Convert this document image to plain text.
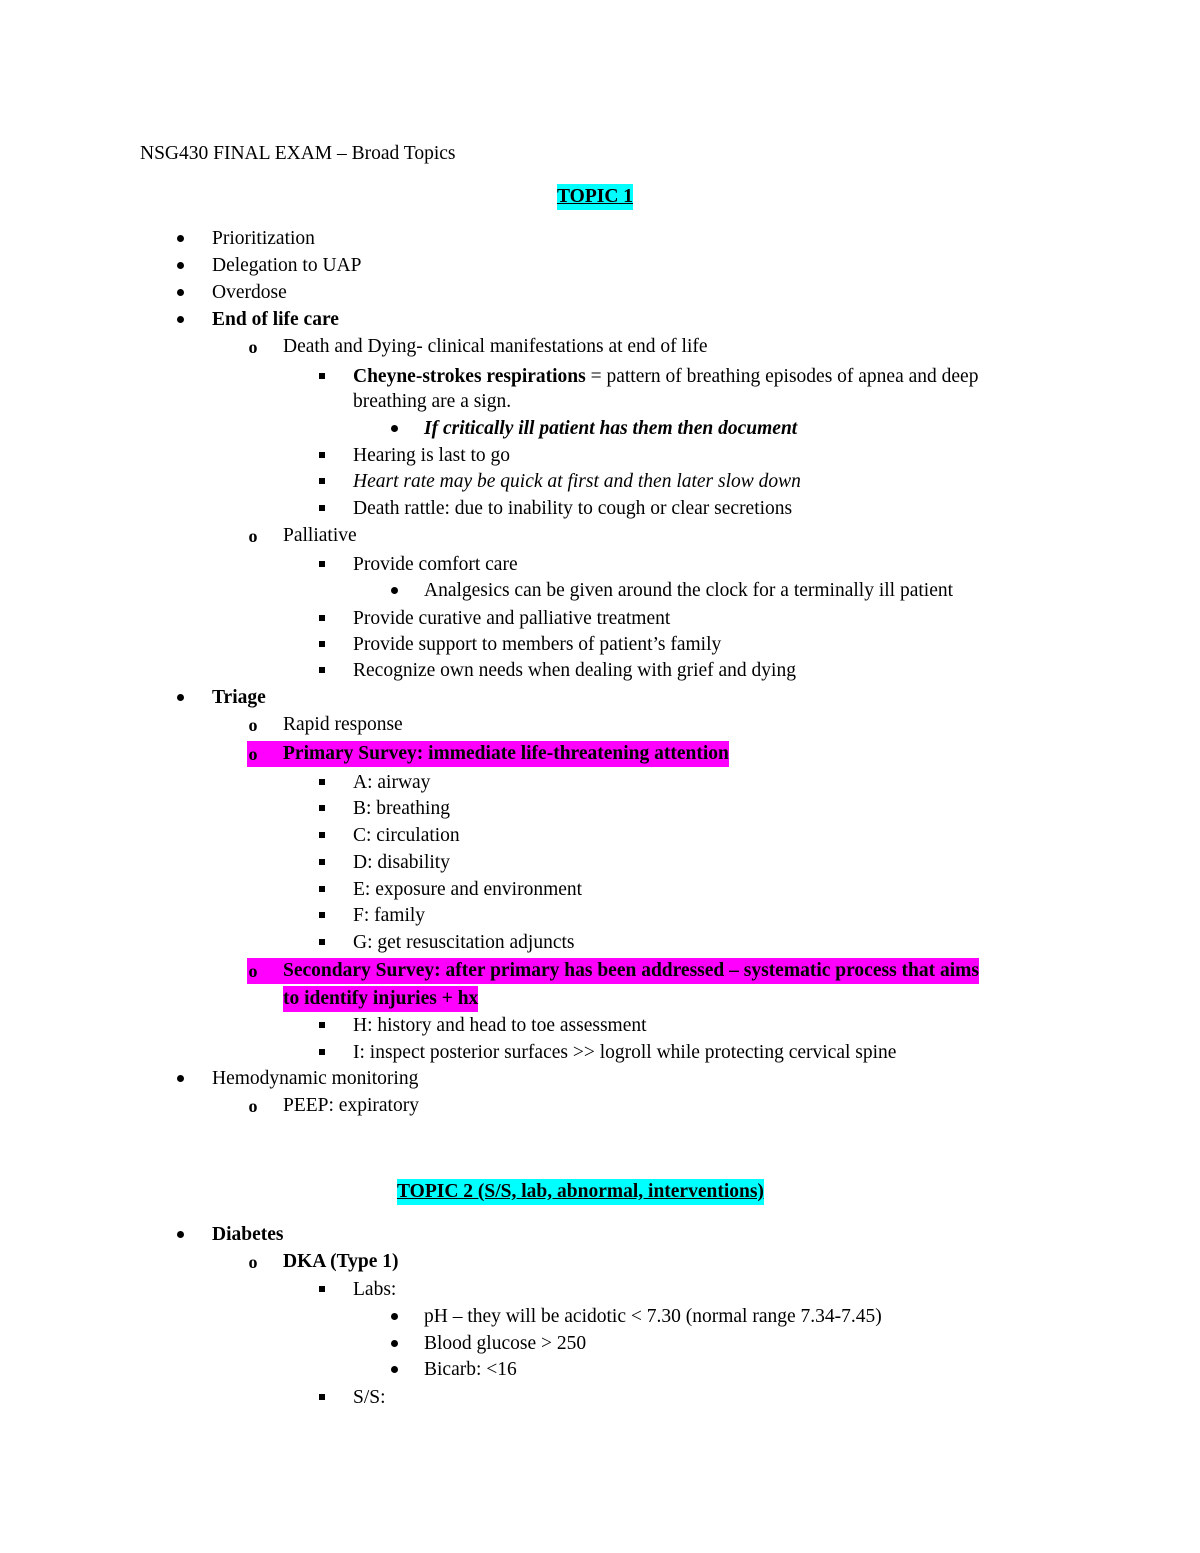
NSG430 FINAL EXAM – Broad Topics
TOPIC 1
Prioritization
Delegation to UAP
Overdose
End of life care
o Death and Dying- clinical manifestations at end of life
Cheyne-strokes respirations = pattern of breathing episodes of apnea and deep
breathing are a sign.
If critically ill patient has them then document
Hearing is last to go
Heart rate may be quick at first and then later slow down
Death rattle: due to inability to cough or clear secretions
o Palliative
Provide comfort care
Analgesics can be given around the clock for a terminally ill patient
Provide curative and palliative treatment
Provide support to members of patient’s family
Recognize own needs when dealing with grief and dying
Triage
o Rapid response
o Primary Survey: immediate life-threatening attention
A: airway
B: breathing
C: circulation
D: disability
E: exposure and environment
F: family
G: get resuscitation adjuncts
o Secondary Survey: after primary has been addressed – systematic process that aims
to identify injuries + hx
H: history and head to toe assessment
I: inspect posterior surfaces >> logroll while protecting cervical spine
Hemodynamic monitoring
o PEEP: expiratory
TOPIC 2 (S/S, lab, abnormal, interventions)
Diabetes
o DKA (Type 1)
Labs:
pH – they will be acidotic < 7.30 (normal range 7.34-7.45)
Blood glucose > 250
Bicarb: <16
S/S:
